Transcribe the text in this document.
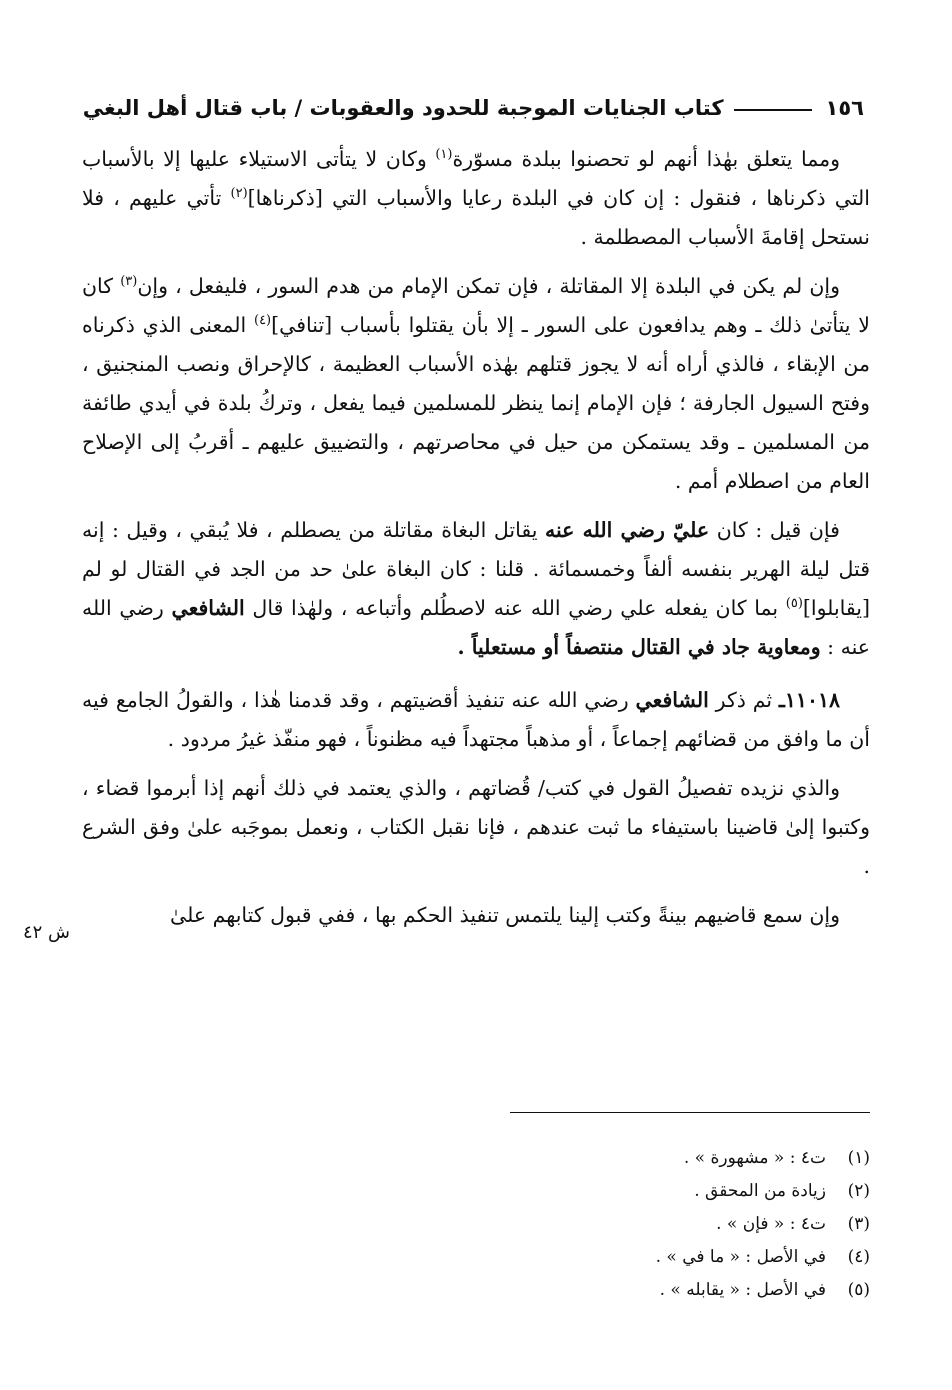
١٥٦
كتاب الجنايات الموجبة للحدود والعقوبات / باب قتال أهل البغي

ومما يتعلق بهٰذا أنهم لو تحصنوا ببلدة مسوّرة$^{(١)}$ وكان لا يتأتى الاستيلاء عليها إلا بالأسباب التي ذكرناها ، فنقول : إن كان في البلدة رعايا والأسباب التي [ذكرناها]$^{(٢)}$ تأتي عليهم ، فلا نستحل إقامةَ الأسباب المصطلمة .

وإن لم يكن في البلدة إلا المقاتلة ، فإن تمكن الإمام من هدم السور ، فليفعل ، وإن$^{(٣)}$ كان لا يتأتىٰ ذلك ـ وهم يدافعون على السور ـ إلا بأن يقتلوا بأسباب [تنافي]$^{(٤)}$ المعنى الذي ذكرناه من الإبقاء ، فالذي أراه أنه لا يجوز قتلهم بهٰذه الأسباب العظيمة ، كالإحراق ونصب المنجنيق ، وفتح السيول الجارفة ؛ فإن الإمام إنما ينظر للمسلمين فيما يفعل ، وتركُ بلدة في أيدي طائفة من المسلمين ـ وقد يستمكن من حيل في محاصرتهم ، والتضييق عليهم ـ أقربُ إلى الإصلاح العام من اصطلام أمم .

فإن قيل : كان عليّ رضي الله عنه يقاتل البغاة مقاتلة من يصطلم ، فلا يُبقي ، وقيل : إنه قتل ليلة الهرير بنفسه ألفاً وخمسمائة . قلنا : كان البغاة علىٰ حد من الجد في القتال لو لم [يقابلوا]$^{(٥)}$ بما كان يفعله علي رضي الله عنه لاصطُلم وأتباعه ، ولهٰذا قال الشافعي رضي الله عنه : ومعاوية جاد في القتال منتصفاً أو مستعلياً .

١١٠١٨ـ ثم ذكر الشافعي رضي الله عنه تنفيذ أقضيتهم ، وقد قدمنا هٰذا ، والقولُ الجامع فيه أن ما وافق من قضائهم إجماعاً ، أو مذهباً مجتهداً فيه مظنوناً ، فهو منفّذ غيرُ مردود .

والذي نزيده تفصيلُ القول في كتب/ قُضاتهم ، والذي يعتمد في ذلك أنهم إذا أبرموا قضاء ، وكتبوا إلىٰ قاضينا باستيفاء ما ثبت عندهم ، فإنا نقبل الكتاب ، ونعمل بموجَبه علىٰ وفق الشرع .

وإن سمع قاضيهم بينةً وكتب إلينا يلتمس تنفيذ الحكم بها ، ففي قبول كتابهم علىٰ

ش ٤٢
(١)ت٤ : « مشهورة » .
(٢)زيادة من المحقق .
(٣)ت٤ : « فإن » .
(٤)في الأصل : « ما في » .
(٥)في الأصل : « يقابله » .
